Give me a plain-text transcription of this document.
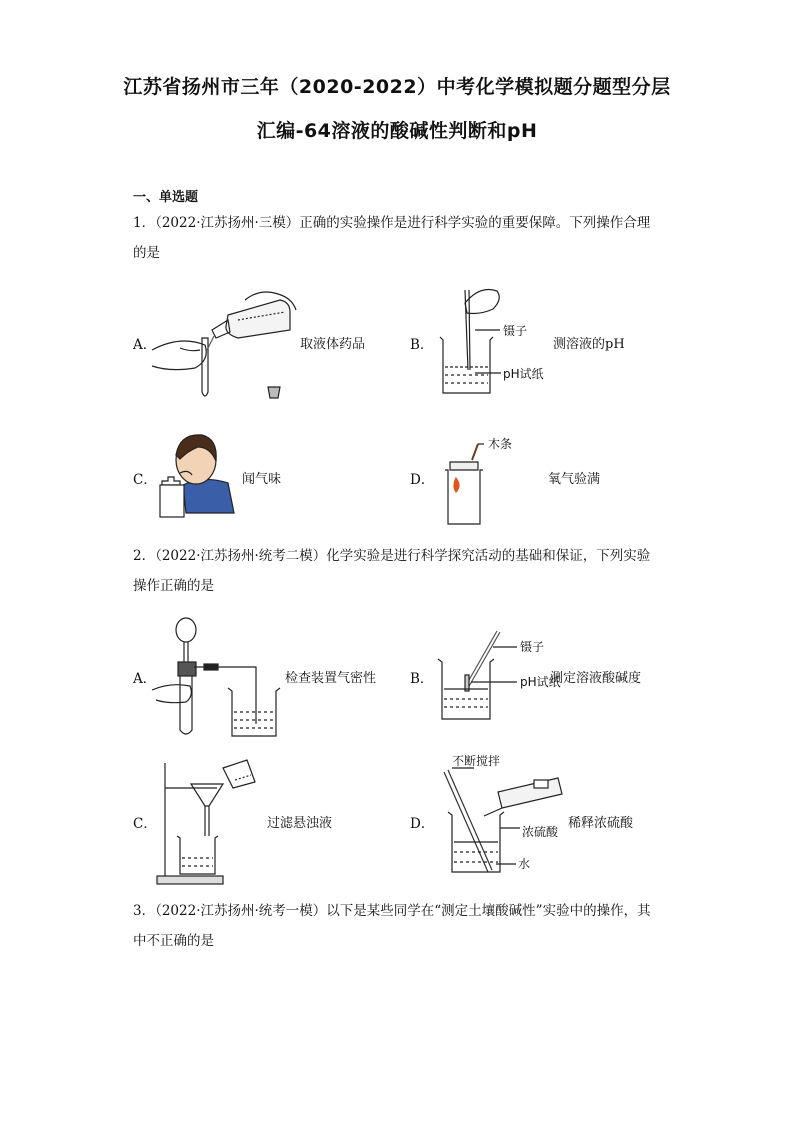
江苏省扬州市三年（2020-2022）中考化学模拟题分题型分层
汇编-64溶液的酸碱性判断和pH
一、单选题
1．（2022·江苏扬州·三模）正确的实验操作是进行科学实验的重要保障。下列操作合理
的是
A．	取液体药品	B．
镊子
pH试纸
测溶液的pH
C．	闻气味	D．
木条
氧气验满
2．（2022·江苏扬州·统考二模）化学实验是进行科学探究活动的基础和保证，下列实验
操作正确的是
A．	检查装置气密性	B．
镊子
pH试纸
测定溶液酸碱度
C．	过滤悬浊液	D．
不断搅拌
浓硫酸
水
稀释浓硫酸
3．（2022·江苏扬州·统考一模）以下是某些同学在“测定土壤酸碱性”实验中的操作，其
中不正确的是
